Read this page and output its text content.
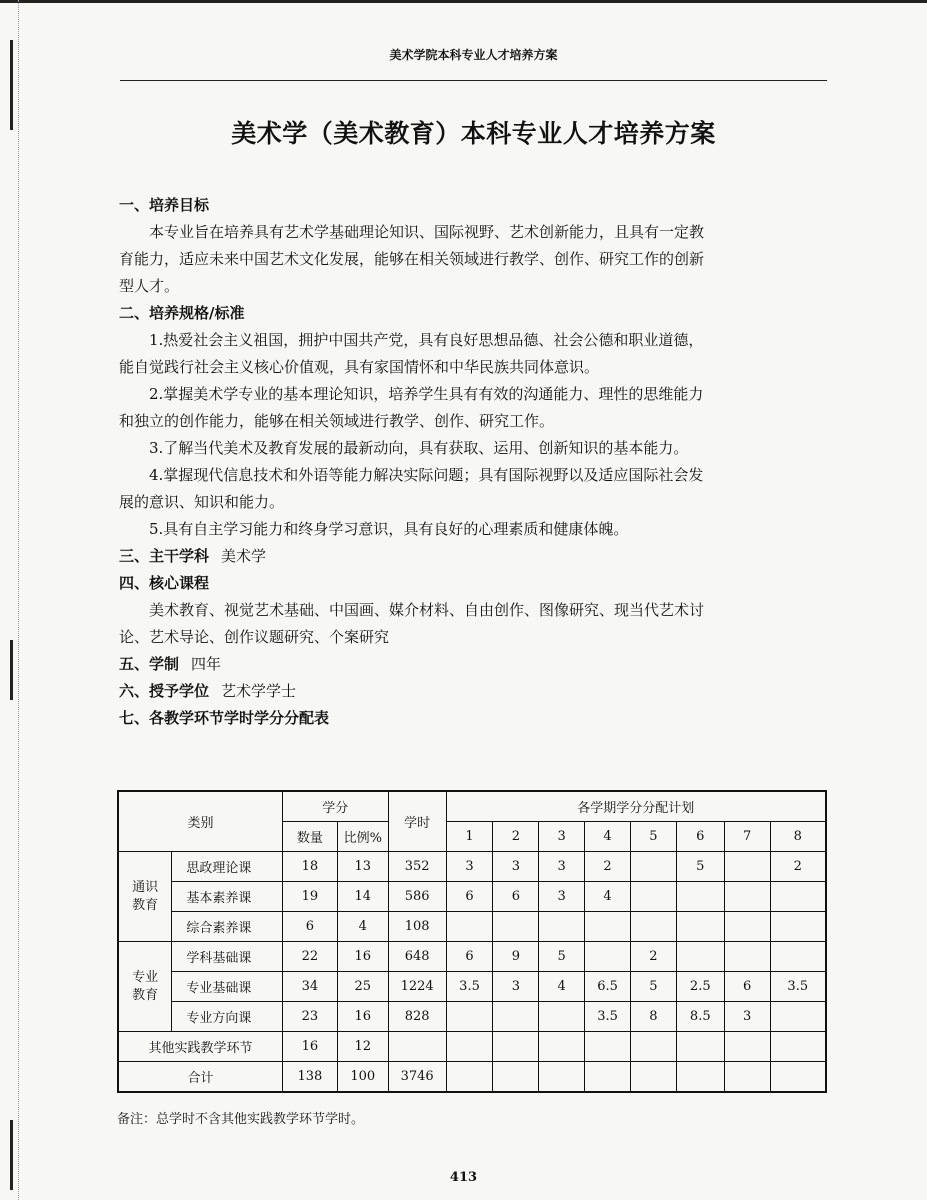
美术学院本科专业人才培养方案
美术学（美术教育）本科专业人才培养方案
一、培养目标

本专业旨在培养具有艺术学基础理论知识、国际视野、艺术创新能力，且具有一定教
育能力，适应未来中国艺术文化发展，能够在相关领域进行教学、创作、研究工作的创新
型人才。

二、培养规格/标准

1.热爱社会主义祖国，拥护中国共产党，具有良好思想品德、社会公德和职业道德，
能自觉践行社会主义核心价值观，具有家国情怀和中华民族共同体意识。
2.掌握美术学专业的基本理论知识，培养学生具有有效的沟通能力、理性的思维能力
和独立的创作能力，能够在相关领域进行教学、创作、研究工作。
3.了解当代美术及教育发展的最新动向，具有获取、运用、创新知识的基本能力。
4.掌握现代信息技术和外语等能力解决实际问题；具有国际视野以及适应国际社会发
展的意识、知识和能力。
5.具有自主学习能力和终身学习意识，具有良好的心理素质和健康体魄。

三、主干学科 美术学
四、核心课程

美术教育、视觉艺术基础、中国画、媒介材料、自由创作、图像研究、现当代艺术讨
论、艺术导论、创作议题研究、个案研究

五、学制 四年
六、授予学位 艺术学学士
七、各教学环节学时学分分配表
类别		学分		学时	各学期学分分配计划							
		数量	比例%		1	2	3	4	5	6	7	8
通识
教育	思政理论课	18	13	352	3	3	3	2		5		2
	基本素养课	19	14	586	6	6	3	4				
	综合素养课	6	4	108								
专业
教育	学科基础课	22	16	648	6	9	5		2			
	专业基础课	34	25	1224	3.5	3	4	6.5	5	2.5	6	3.5
	专业方向课	23	16	828				3.5	8	8.5	3	
其他实践教学环节		16	12									
合计		138	100	3746								
备注：总学时不含其他实践教学环节学时。
413
